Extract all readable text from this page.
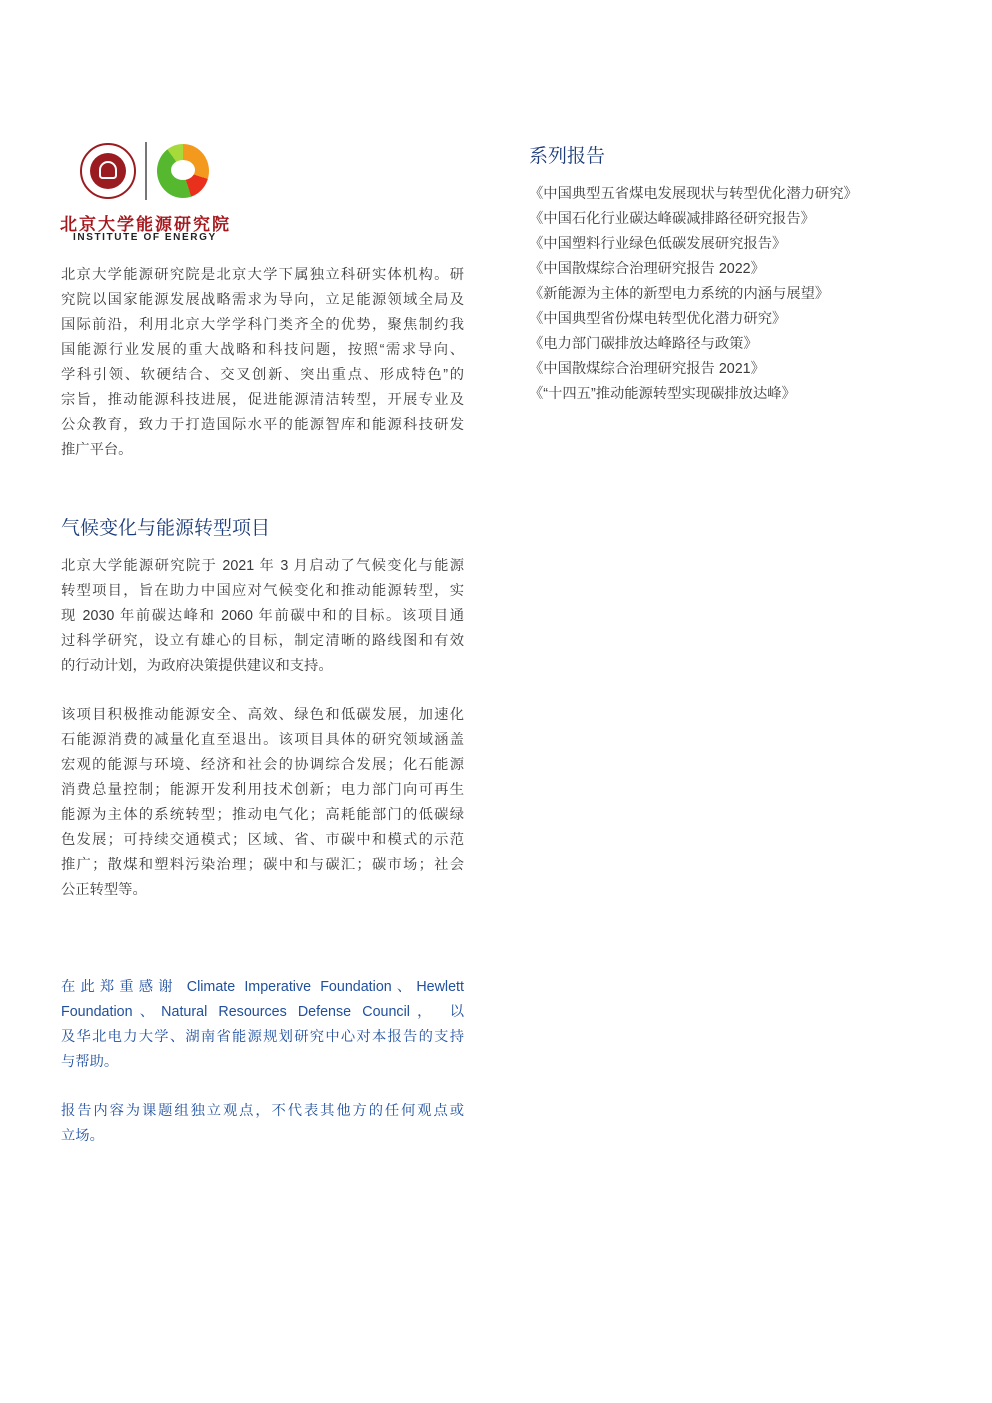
北京大学能源研究院
INSTITUTE OF ENERGY
北京大学能源研究院是北京大学下属独立科研实体机构。研
究院以国家能源发展战略需求为导向，立足能源领域全局及
国际前沿，利用北京大学学科门类齐全的优势，聚焦制约我
国能源行业发展的重大战略和科技问题，按照“需求导向、
学科引领、软硬结合、交叉创新、突出重点、形成特色”的
宗旨，推动能源科技进展，促进能源清洁转型，开展专业及
公众教育，致力于打造国际水平的能源智库和能源科技研发
推广平台。
气候变化与能源转型项目
北京大学能源研究院于 2021 年 3 月启动了气候变化与能源
转型项目，旨在助力中国应对气候变化和推动能源转型，实
现 2030 年前碳达峰和 2060 年前碳中和的目标。该项目通
过科学研究，设立有雄心的目标，制定清晰的路线图和有效
的行动计划，为政府决策提供建议和支持。
该项目积极推动能源安全、高效、绿色和低碳发展，加速化
石能源消费的减量化直至退出。该项目具体的研究领域涵盖
宏观的能源与环境、经济和社会的协调综合发展；化石能源
消费总量控制；能源开发利用技术创新；电力部门向可再生
能源为主体的系统转型；推动电气化；高耗能部门的低碳绿
色发展；可持续交通模式；区域、省、市碳中和模式的示范
推广；散煤和塑料污染治理；碳中和与碳汇；碳市场；社会
公正转型等。
在此郑重感谢 Climate Imperative Foundation、Hewlett
Foundation、Natural Resources Defense Council， 以
及华北电力大学、湖南省能源规划研究中心对本报告的支持
与帮助。
报告内容为课题组独立观点，不代表其他方的任何观点或
立场。
系列报告
《中国典型五省煤电发展现状与转型优化潜力研究》
《中国石化行业碳达峰碳减排路径研究报告》
《中国塑料行业绿色低碳发展研究报告》
《中国散煤综合治理研究报告 2022》
《新能源为主体的新型电力系统的内涵与展望》
《中国典型省份煤电转型优化潜力研究》
《电力部门碳排放达峰路径与政策》
《中国散煤综合治理研究报告 2021》
《“十四五”推动能源转型实现碳排放达峰》
